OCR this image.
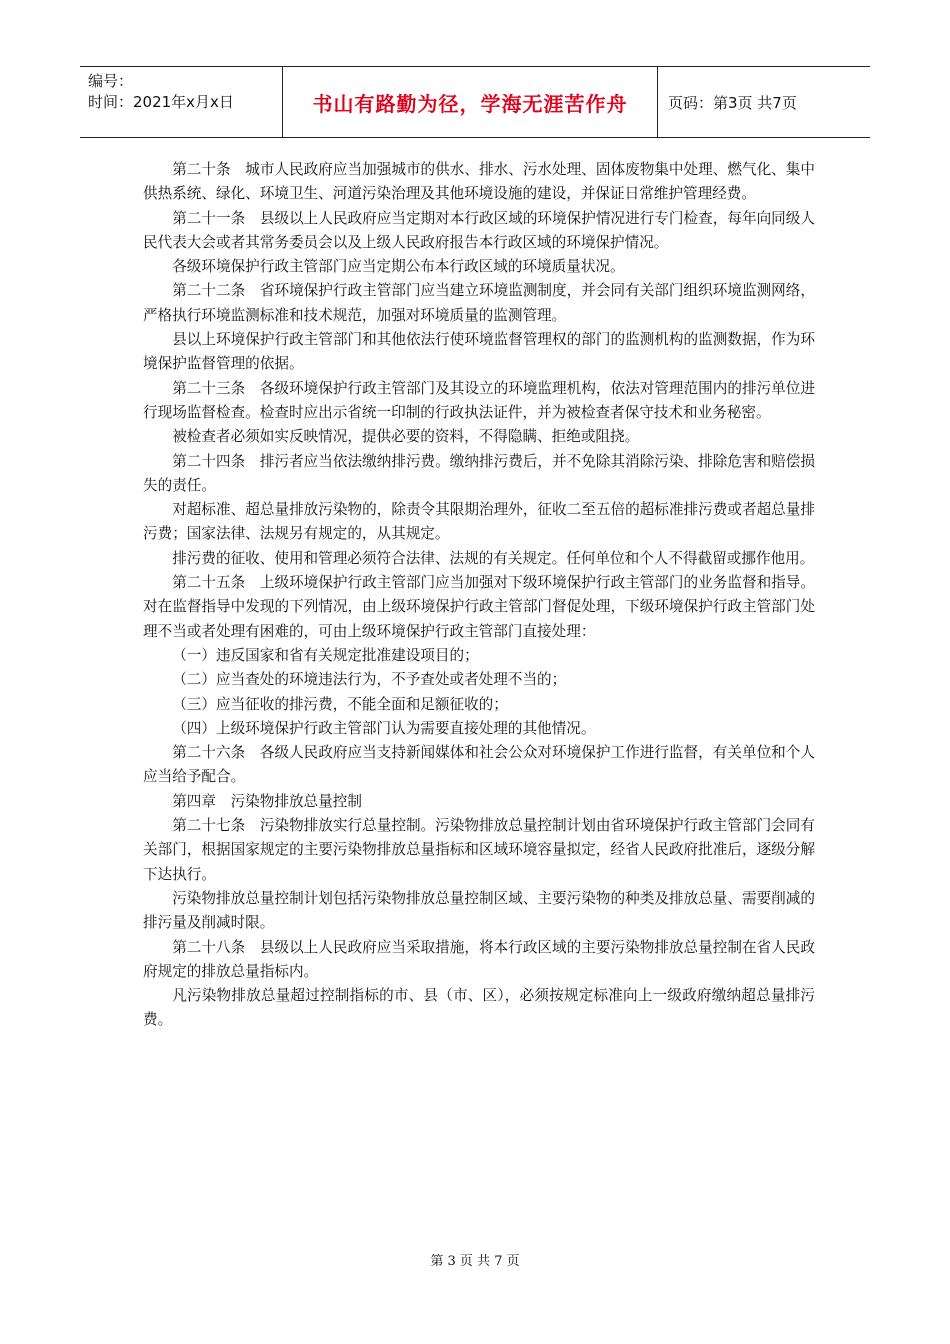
编号：
时间：2021年x月x日	书山有路勤为径，学海无涯苦作舟	页码：第3页 共7页

第二十条　城市人民政府应当加强城市的供水、排水、污水处理、固体废物集中处理、燃气化、集中供热系统、绿化、环境卫生、河道污染治理及其他环境设施的建设，并保证日常维护管理经费。

第二十一条　县级以上人民政府应当定期对本行政区域的环境保护情况进行专门检查，每年向同级人民代表大会或者其常务委员会以及上级人民政府报告本行政区域的环境保护情况。

各级环境保护行政主管部门应当定期公布本行政区域的环境质量状况。

第二十二条　省环境保护行政主管部门应当建立环境监测制度，并会同有关部门组织环境监测网络，严格执行环境监测标准和技术规范，加强对环境质量的监测管理。

县以上环境保护行政主管部门和其他依法行使环境监督管理权的部门的监测机构的监测数据，作为环境保护监督管理的依据。

第二十三条　各级环境保护行政主管部门及其设立的环境监理机构，依法对管理范围内的排污单位进行现场监督检查。检查时应出示省统一印制的行政执法证件，并为被检查者保守技术和业务秘密。

被检查者必须如实反映情况，提供必要的资料，不得隐瞒、拒绝或阻挠。

第二十四条　排污者应当依法缴纳排污费。缴纳排污费后，并不免除其消除污染、排除危害和赔偿损失的责任。

对超标准、超总量排放污染物的，除责令其限期治理外，征收二至五倍的超标准排污费或者超总量排污费；国家法律、法规另有规定的，从其规定。

排污费的征收、使用和管理必须符合法律、法规的有关规定。任何单位和个人不得截留或挪作他用。

第二十五条　上级环境保护行政主管部门应当加强对下级环境保护行政主管部门的业务监督和指导。对在监督指导中发现的下列情况，由上级环境保护行政主管部门督促处理，下级环境保护行政主管部门处理不当或者处理有困难的，可由上级环境保护行政主管部门直接处理：

（一）违反国家和省有关规定批准建设项目的；

（二）应当查处的环境违法行为，不予查处或者处理不当的；

（三）应当征收的排污费，不能全面和足额征收的；

（四）上级环境保护行政主管部门认为需要直接处理的其他情况。

第二十六条　各级人民政府应当支持新闻媒体和社会公众对环境保护工作进行监督，有关单位和个人应当给予配合。

第四章　污染物排放总量控制

第二十七条　污染物排放实行总量控制。污染物排放总量控制计划由省环境保护行政主管部门会同有关部门，根据国家规定的主要污染物排放总量指标和区域环境容量拟定，经省人民政府批准后，逐级分解下达执行。

污染物排放总量控制计划包括污染物排放总量控制区域、主要污染物的种类及排放总量、需要削减的排污量及削减时限。

第二十八条　县级以上人民政府应当采取措施，将本行政区域的主要污染物排放总量控制在省人民政府规定的排放总量指标内。

凡污染物排放总量超过控制指标的市、县（市、区），必须按规定标准向上一级政府缴纳超总量排污费。

第 3 页 共 7 页
